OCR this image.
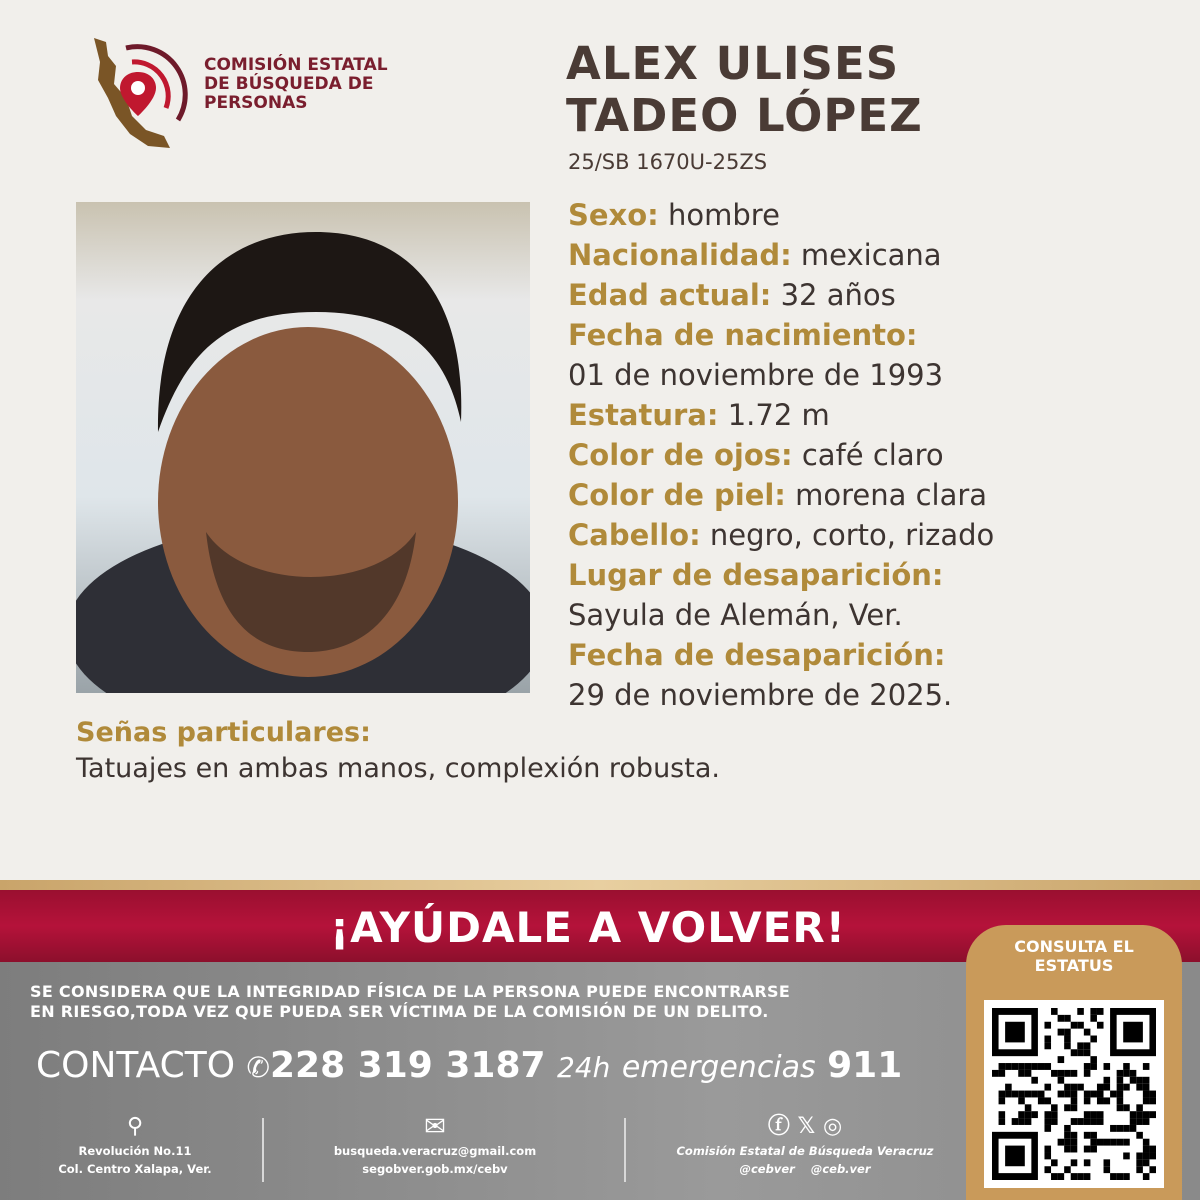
COMISIÓN ESTATAL
DE BÚSQUEDA DE
PERSONAS
ALEX ULISES
TADEO LÓPEZ
25/SB 1670U-25ZS
Sexo: hombre
Nacionalidad: mexicana
Edad actual: 32 años
Fecha de nacimiento:
01 de noviembre de 1993
Estatura: 1.72 m
Color de ojos: café claro
Color de piel: morena clara
Cabello: negro, corto, rizado
Lugar de desaparición:
Sayula de Alemán, Ver.
Fecha de desaparición:
29 de noviembre de 2025.
Señas particulares:
Tatuajes en ambas manos, complexión robusta.
¡AYÚDALE A VOLVER!
SE CONSIDERA QUE LA INTEGRIDAD FÍSICA DE LA PERSONA PUEDE ENCONTRARSE
EN RIESGO,TODA VEZ QUE PUEDA SER VÍCTIMA DE LA COMISIÓN DE UN DELITO.
CONTACTO ✆228 319 3187 24h emergencias 911
⚲
Revolución No.11
Col. Centro Xalapa, Ver.
✉
busqueda.veracruz@gmail.com
segobver.gob.mx/cebv
ⓕ 𝕏 ◎
Comisión Estatal de Búsqueda Veracruz
@cebver @ceb.ver
CONSULTA EL
ESTATUS
